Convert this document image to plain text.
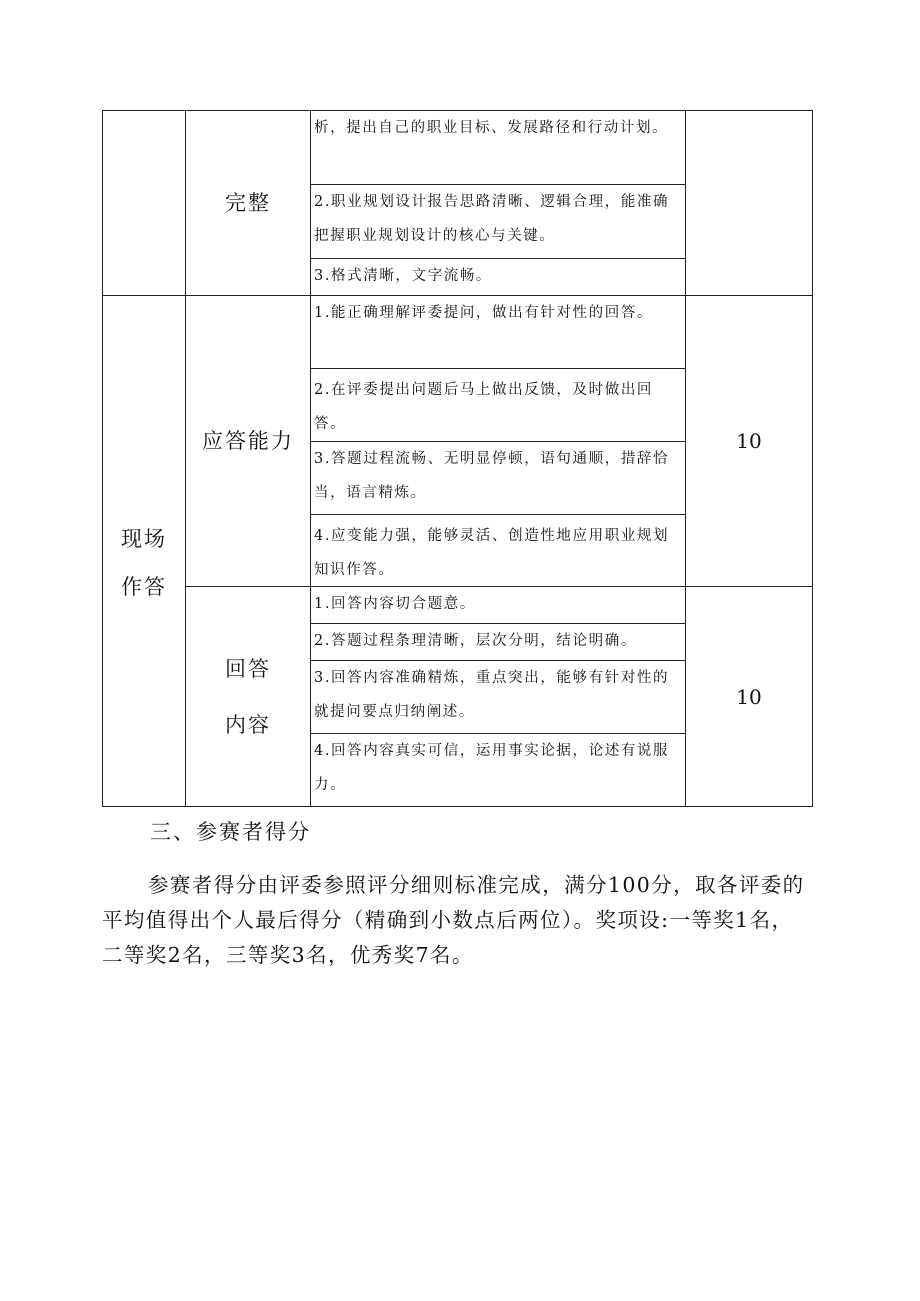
完整
析，提出自己的职业目标、发展路径和行动计划。
2.职业规划设计报告思路清晰、逻辑合理，能准确把握职业规划设计的核心与关键。
3.格式清晰，文字流畅。
现场
作答
应答能力
1.能正确理解评委提问，做出有针对性的回答。
2.在评委提出问题后马上做出反馈，及时做出回答。
3.答题过程流畅、无明显停顿，语句通顺，措辞恰当，语言精炼。
4.应变能力强，能够灵活、创造性地应用职业规划知识作答。
10
回答
内容
1.回答内容切合题意。
2.答题过程条理清晰，层次分明，结论明确。
3.回答内容准确精炼，重点突出，能够有针对性的就提问要点归纳阐述。
4.回答内容真实可信，运用事实论据，论述有说服力。
10
三、参赛者得分

参赛者得分由评委参照评分细则标准完成，满分100分，取各评委的平均值得出个人最后得分（精确到小数点后两位）。奖项设:一等奖1名，二等奖2名，三等奖3名，优秀奖7名。
